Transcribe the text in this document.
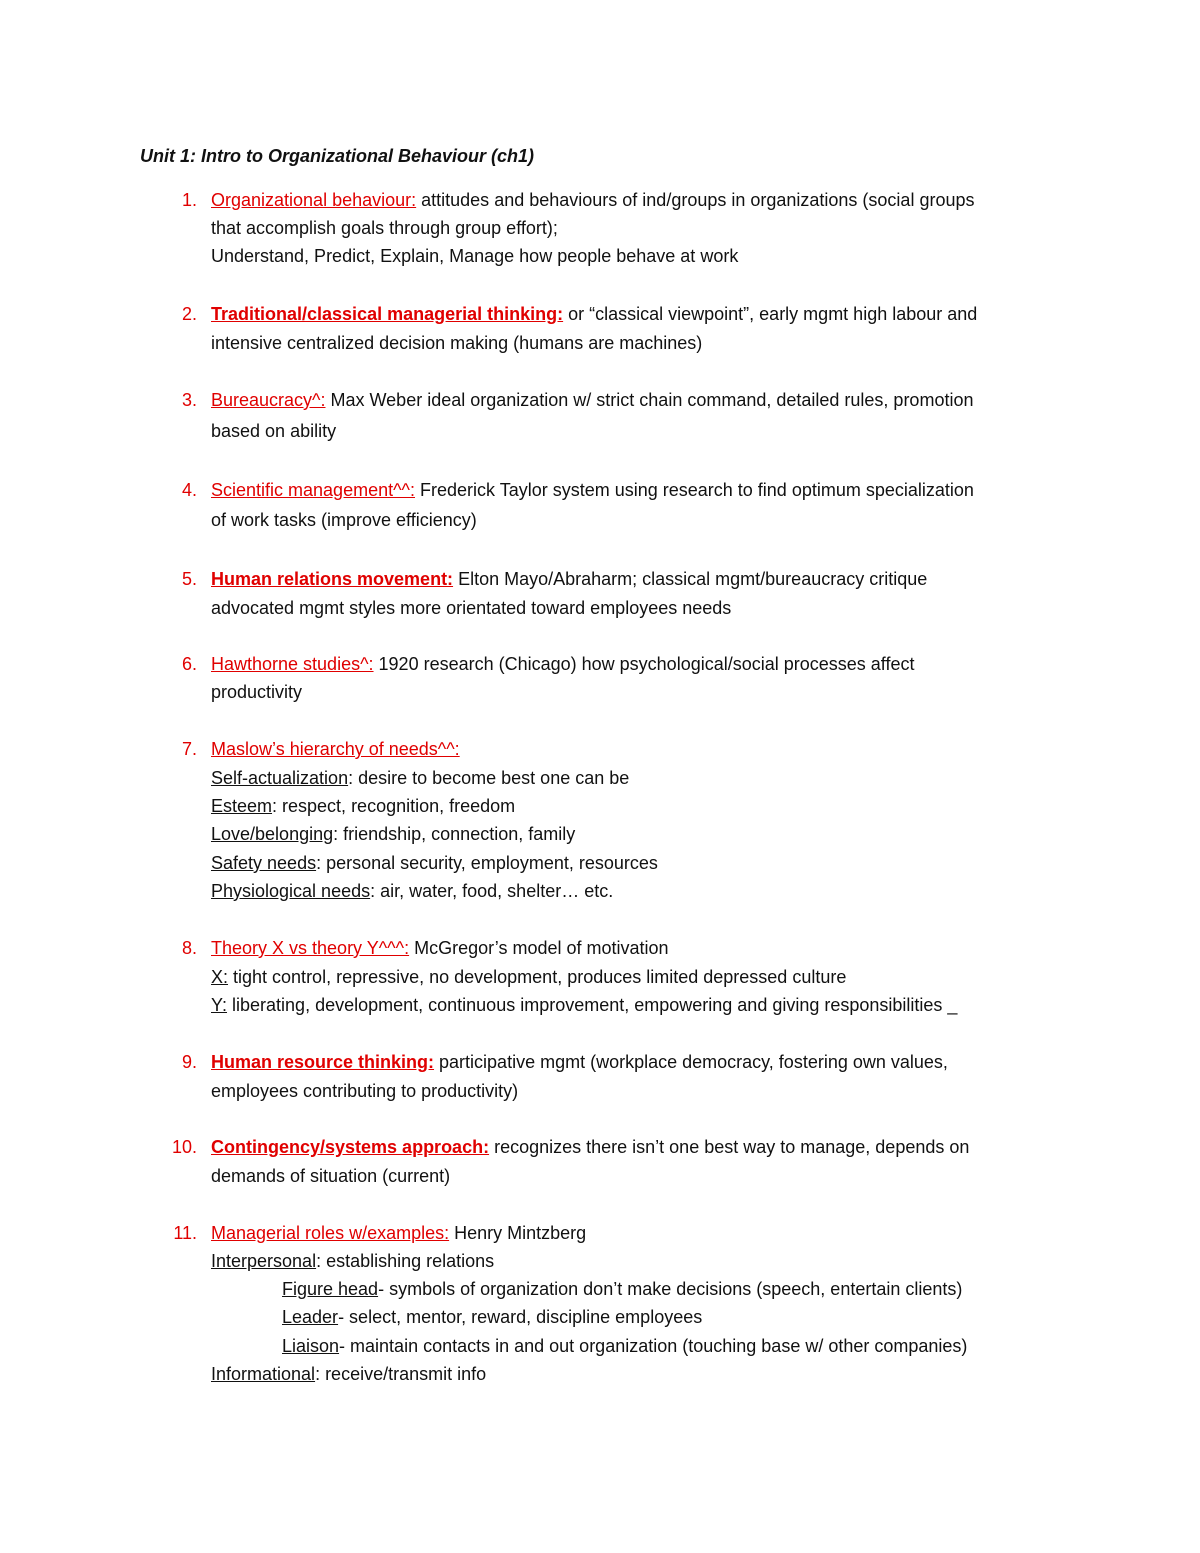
Unit 1: Intro to Organizational Behaviour (ch1)
1. Organizational behaviour: attitudes and behaviours of ind/groups in organizations (social groups
that accomplish goals through group effort);
Understand, Predict, Explain, Manage how people behave at work
2. Traditional/classical managerial thinking: or “classical viewpoint”, early mgmt high labour and
intensive centralized decision making (humans are machines)
3. Bureaucracy^: Max Weber ideal organization w/ strict chain command, detailed rules, promotion
based on ability
4. Scientific management^^: Frederick Taylor system using research to find optimum specialization
of work tasks (improve efficiency)
5. Human relations movement: Elton Mayo/Abraharm; classical mgmt/bureaucracy critique
advocated mgmt styles more orientated toward employees needs
6. Hawthorne studies^: 1920 research (Chicago) how psychological/social processes affect
productivity
7. Maslow’s hierarchy of needs^^:
Self-actualization: desire to become best one can be
Esteem: respect, recognition, freedom
Love/belonging: friendship, connection, family
Safety needs: personal security, employment, resources
Physiological needs: air, water, food, shelter… etc.
8. Theory X vs theory Y^^^: McGregor’s model of motivation
X: tight control, repressive, no development, produces limited depressed culture
Y: liberating, development, continuous improvement, empowering and giving responsibilities _
9. Human resource thinking: participative mgmt (workplace democracy, fostering own values,
employees contributing to productivity)
10. Contingency/systems approach: recognizes there isn’t one best way to manage, depends on
demands of situation (current)
11. Managerial roles w/examples: Henry Mintzberg
Interpersonal: establishing relations
Figure head- symbols of organization don’t make decisions (speech, entertain clients)
Leader- select, mentor, reward, discipline employees
Liaison- maintain contacts in and out organization (touching base w/ other companies)
Informational: receive/transmit info
